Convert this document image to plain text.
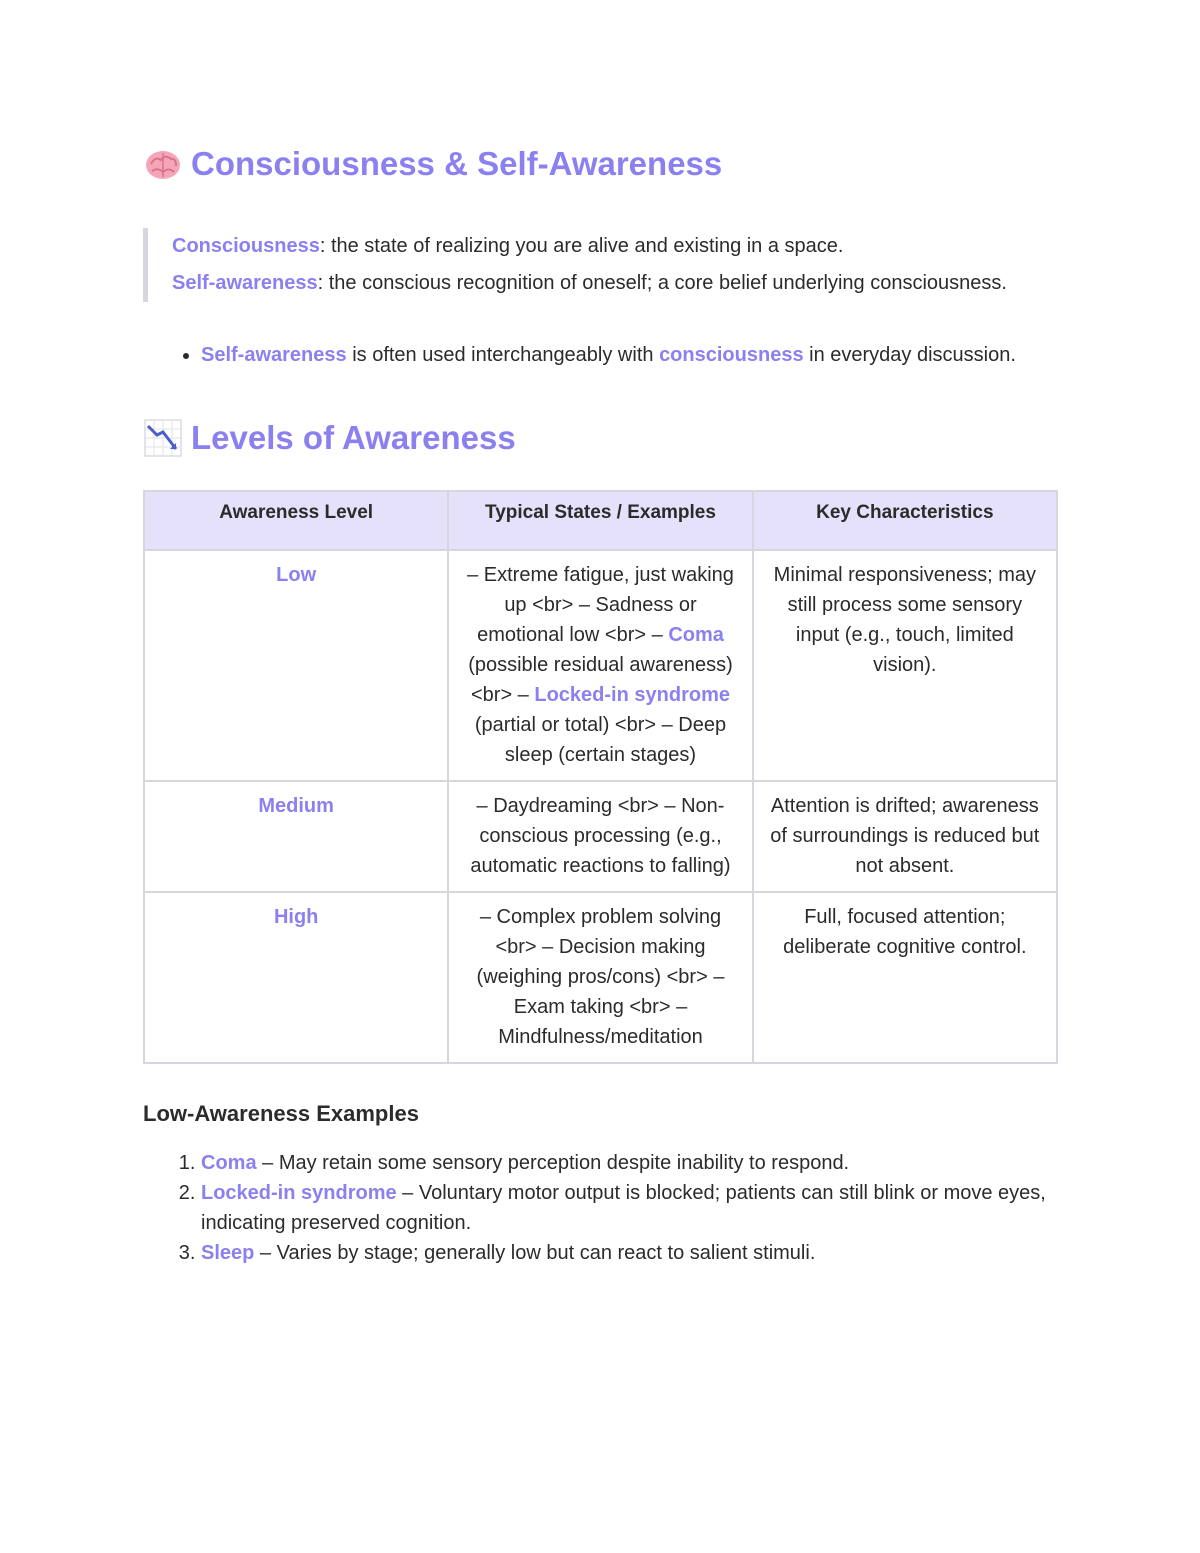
Consciousness & Self-Awareness
Consciousness: the state of realizing you are alive and existing in a space.
Self-awareness: the conscious recognition of oneself; a core belief underlying consciousness.
• Self-awareness is often used interchangeably with consciousness in everyday discussion.
Levels of Awareness
Awareness Level	Typical States / Examples	Key Characteristics
Low	– Extreme fatigue, just waking up <br> – Sadness or emotional low <br> – Coma (possible residual awareness) <br> – Locked-in syndrome (partial or total) <br> – Deep sleep (certain stages)	Minimal responsiveness; may still process some sensory input (e.g., touch, limited vision).
Medium	– Daydreaming <br> – Non-conscious processing (e.g., automatic reactions to falling)	Attention is drifted; awareness of surroundings is reduced but not absent.
High	– Complex problem solving <br> – Decision making (weighing pros/cons) <br> – Exam taking <br> – Mindfulness/meditation	Full, focused attention; deliberate cognitive control.
Low-Awareness Examples
1. Coma – May retain some sensory perception despite inability to respond.
2. Locked-in syndrome – Voluntary motor output is blocked; patients can still blink or move eyes, indicating preserved cognition.
3. Sleep – Varies by stage; generally low but can react to salient stimuli.
